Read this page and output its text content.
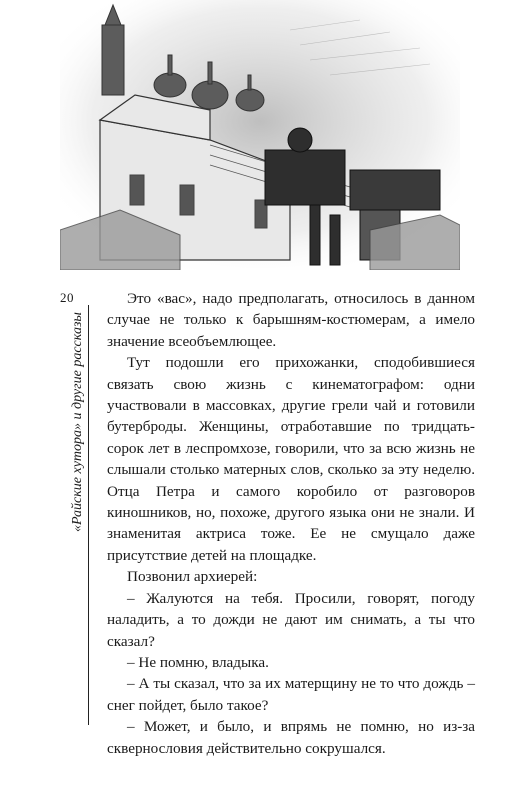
20
«Райские хутора» и другие рассказы

Это «вас», надо предполагать, относилось в данном случае не только к барышням-костюмерам, а имело значение всеобъемлющее.

Тут подошли его прихожанки, сподобившиеся связать свою жизнь с кинематографом: одни участвовали в массовках, другие грели чай и готовили бутерброды. Женщины, отработавшие по тридцать-сорок лет в леспромхозе, говорили, что за всю жизнь не слышали столько матерных слов, сколько за эту неделю. Отца Петра и самого коробило от разговоров киношников, но, похоже, другого языка они не знали. И знаменитая актриса тоже. Ее не смущало даже присутствие детей на площадке.

Позвонил архиерей:

– Жалуются на тебя. Просили, говорят, погоду наладить, а то дожди не дают им снимать, а ты что сказал?

– Не помню, владыка.

– А ты сказал, что за их матерщину не то что дождь – снег пойдет, было такое?

– Может, и было, и впрямь не помню, но из-за сквернословия действительно сокрушался.
